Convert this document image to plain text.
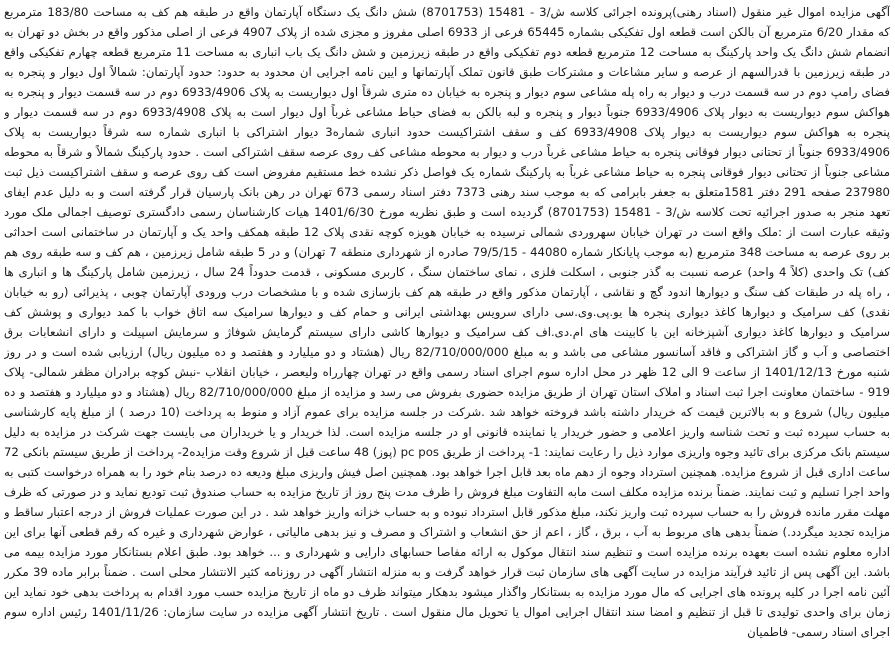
آگهی مزایده اموال غیر منقول (اسناد رهنی)پرونده اجرائی کلاسه ش/3 - 15481 (8701753) شش دانگ یک دستگاه آپارتمان واقع در طبقه هم کف به مساحت 183/80 مترمربع
که مقدار 6/20 مترمربع آن بالکن است قطعه اول تفکیکی بشماره 65445 فرعی از 6933 اصلی مفروز و مجزی شده از پلاک 4907 فرعی از اصلی مذکور واقع در بخش دو تهران به
انضمام شش دانگ یک واحد پارکینگ به مساحت 12 مترمربع قطعه دوم تفکیکی واقع در طبقه زیرزمین و شش دانگ یک باب انباری به مساحت 11 مترمربع قطعه چهارم تفکیکی واقع
در طبقه زیرزمین با قدرالسهم از عرصه و سایر مشاعات و مشترکات طبق قانون تملک آپارتمانها و ایین نامه اجرایی ان محدود به حدود: حدود آپارتمان: شمالاً اول دیوار و پنجره به
فضای رامپ دوم در سه قسمت درب و دیوار به راه پله مشاعی سوم دیوار و پنجره به خیابان ده متری شرقاً اول دیواریست به پلاک 6933/4906 دوم در سه قسمت دیوار و پنجره به
هواکش سوم دیواریست به دیوار پلاک 6933/4906 جنوباً دیوار و پنجره و لبه بالکن به فضای حیاط مشاعی غرباً اول دیوار است به پلاک 6933/4908 دوم در سه قسمت دیوار و
پنجره به هواکش سوم دیواریست به دیوار پلاک 6933/4908 کف و سقف اشتراکیست حدود انباری شماره3 دیوار اشتراکی با انباری شماره سه شرقاً دیواریست به پلاک
6933/4906 جنوباً از تحتانی دیوار فوقانی پنجره به حیاط مشاعی غرباً درب و دیوار به محوطه مشاعی کف روی عرصه سقف اشتراکی است . حدود پارکینگ شمالاً و شرقاً به محوطه
مشاعی جنوباً از تحتانی دیوار فوقانی پنجره به حیاط مشاعی غرباً به پارکینگ شماره یک فواصل ذکر نشده خط مستقیم مفروض است کف روی عرصه و سقف اشتراکیست ذیل ثبت
237980 صفحه 291 دفتر 1581متعلق به جعفر بابرامی که به موجب سند رهنی 7373 دفتر اسناد رسمی 673 تهران در رهن بانک پارسیان قرار گرفته است و به دلیل عدم ایفای
تعهد منجر به صدور اجرائیه تحت کلاسه ش/3 - 15481 (8701753) گردیده است و طبق نظریه مورخ 1401/6/30 هیات کارشناسان رسمی دادگستری توصیف اجمالی ملک مورد
وثیقه عبارت است از :ملک واقع است در تهران خیابان سهروردی شمالی نرسیده به خیابان هویزه کوچه نقدی پلاک 12 طبقه همکف واحد یک و آپارتمان در ساختمانی است احداثی
بر روی عرصه به مساحت 348 مترمربع (به موجب پایانکار شماره 44080 - 79/5/15 صادره از شهرداری منطقه 7 تهران) و در 5 طبقه شامل زیرزمین ، هم کف و سه طبقه روی هم
کف) تک واحدی (کلاً 4 واحد) عرصه نسبت به گذر جنوبی ، اسکلت فلزی ، نمای ساختمان سنگ ، کاربری مسکونی ، قدمت حدوداً 24 سال ، زیرزمین شامل پارکینگ ها و انباری ها
، راه پله در طبقات کف سنگ و دیوارها اندود گچ و نقاشی ، آپارتمان مذکور واقع در طبقه هم کف بازسازی شده و با مشخصات درب ورودی آپارتمان چوبی ، پذیرائی (رو به خیابان
نقدی) کف سرامیک و دیوارها کاغذ دیواری پنجره ها یو.پی.وی.سی دارای سرویس بهداشتی ایرانی و حمام کف و دیوارها سرامیک سه اتاق خواب با کمد دیواری و پوشش کف
سرامیک و دیوارها کاغذ دیواری آشپزخانه این با کابینت های ام.دی.اف کف سرامیک و دیوارها کاشی دارای سیستم گرمایش شوفاژ و سرمایش اسپیلت و دارای انشعابات برق
اختصاصی و آب و گاز اشتراکی و فاقد آسانسور مشاعی می باشد و به مبلغ 82/710/000/000 ریال (هشتاد و دو میلیارد و هفتصد و ده میلیون ریال) ارزیابی شده است و در روز
شنبه مورخ 1401/12/13 از ساعت 9 الی 12 ظهر در محل اداره سوم اجرای اسناد رسمی واقع در تهران چهارراه ولیعصر ، خیابان انقلاب -نبش کوچه برادران مظفر شمالی- پلاک
919 - ساختمان معاونت اجرا ثبت اسناد و املاک استان تهران از طریق مزایده حضوری بفروش می رسد و مزایده از مبلغ 82/710/000/000 ریال (هشتاد و دو میلیارد و هفتصد و ده
میلیون ریال) شروع و به بالاترین قیمت که خریدار داشته باشد فروخته خواهد شد .شرکت در جلسه مزایده برای عموم آزاد و منوط به پرداخت (10 درصد ) از مبلغ پایه کارشناسی
به حساب سپرده ثبت و تحت شناسه واریز اعلامی و حضور خریدار یا نماینده قانونی او در جلسه مزایده است. لذا خریدار و یا خریداران می بایست جهت شرکت در مزایده به دلیل
سیستم بانک مرکزی برای تائید وجوه واریزی موارد ذیل را رعایت نمایند: 1- پرداخت از طریق pc pos (پوز) 48 ساعت قبل از شروع وقت مزایده2- پرداخت از طریق سیستم بانکی 72
ساعت اداری قبل از شروع مزایده. همچنین استرداد وجوه از دهم ماه بعد قابل اجرا خواهد بود. همچنین اصل فیش واریزی مبلغ ودیعه ده درصد بنام خود را به همراه درخواست کتبی به
واحد اجرا تسلیم و ثبت نمایند. ضمناً برنده مزایده مکلف است مابه التفاوت مبلغ فروش را ظرف مدت پنج روز از تاریخ مزایده به حساب صندوق ثبت تودیع نماید و در صورتی که ظرف
مهلت مقرر مانده فروش را به حساب سپرده ثبت واریز نکند، مبلغ مذکور قابل استرداد نبوده و به حساب خزانه واریز خواهد شد . در این صورت عملیات فروش از درجه اعتبار ساقط و
مزایده تجدید میگردد.) ضمناً بدهی های مربوط به آب ، برق ، گاز ، اعم از حق انشعاب و اشتراک و مصرف و نیز بدهی مالیاتی ، عوارض شهرداری و غیره که رقم قطعی آنها برای این
اداره معلوم نشده است بعهده برنده مزایده است و تنظیم سند انتقال موکول به ارائه مفاصا حسابهای دارایی و شهرداری و ... خواهد بود. طبق اعلام بستانکار مورد مزایده بیمه می
باشد. این آگهی پس از تائید فرآیند مزایده در سایت آگهی های سازمان ثبت قرار خواهد گرفت و به منزله انتشار آگهی در روزنامه کثیر الانتشار محلی است . ضمناً برابر ماده 39 مکرر
آئین نامه اجرا در کلیه پرونده های اجرایی که مال مورد مزایده به بستانکار واگذار میشود بدهکار میتواند ظرف دو ماه از تاریخ مزایده حسب مورد اقدام به پرداخت بدهی خود نماید این
زمان برای واحدی تولیدی تا قبل از تنظیم و امضا سند انتقال اجرایی اموال یا تحویل مال منقول است . تاریخ انتشار آگهی مزایده در سایت سازمان: 1401/11/26 رئیس اداره سوم
اجرای اسناد رسمی- فاطمیان
